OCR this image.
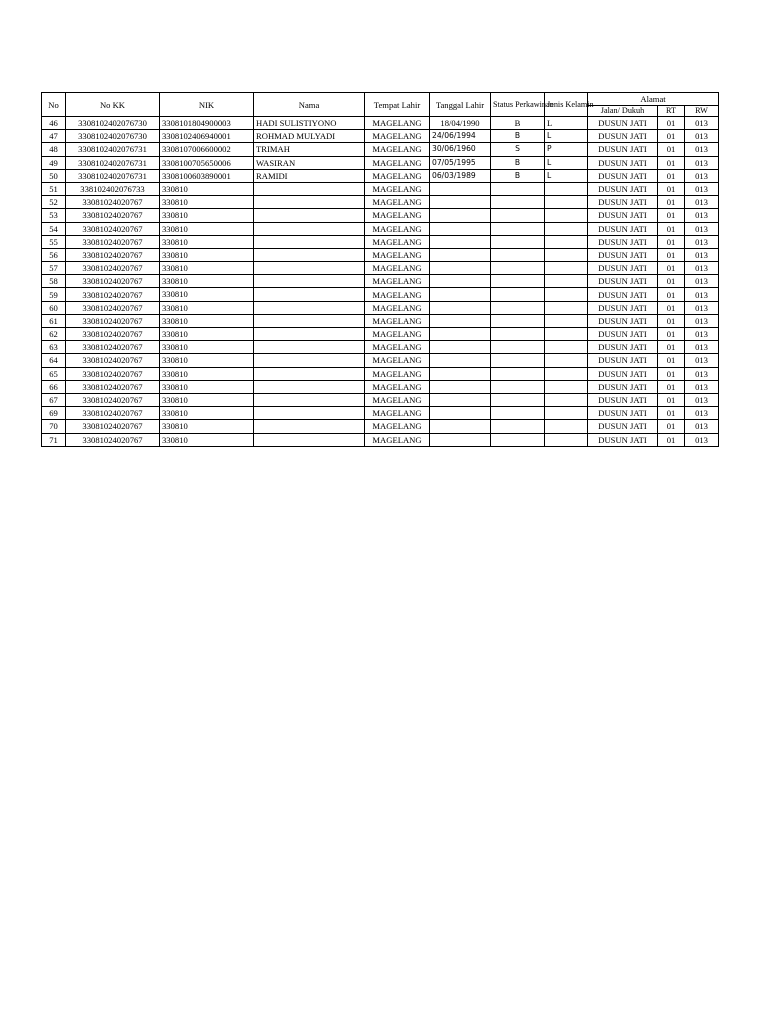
No	No KK	NIK	Nama	Tempat Lahir	Tanggal Lahir	Status Perkawinan	Jenis Kelamin	Alamat		
								Jalan/ Dukuh	RT	RW
46	3308102402076730	3308101804900003	HADI SULISTIYONO	MAGELANG	18/04/1990	B	L	DUSUN JATI	01	013
47	3308102402076730	3308102406940001	ROHMAD MULYADI	MAGELANG	24/06/1994	B	L	DUSUN JATI	01	013
48	3308102402076731	3308107006600002	TRIMAH	MAGELANG	30/06/1960	S	P	DUSUN JATI	01	013
49	3308102402076731	3308100705650006	WASIRAN	MAGELANG	07/05/1995	B	L	DUSUN JATI	01	013
50	3308102402076731	3308100603890001	RAMIDI	MAGELANG	06/03/1989	B	L	DUSUN JATI	01	013
51	338102402076733	330810		MAGELANG				DUSUN JATI	01	013
52	33081024020767	330810		MAGELANG				DUSUN JATI	01	013
53	33081024020767	330810		MAGELANG				DUSUN JATI	01	013
54	33081024020767	330810		MAGELANG				DUSUN JATI	01	013
55	33081024020767	330810		MAGELANG				DUSUN JATI	01	013
56	33081024020767	330810		MAGELANG				DUSUN JATI	01	013
57	33081024020767	330810		MAGELANG				DUSUN JATI	01	013
58	33081024020767	330810		MAGELANG				DUSUN JATI	01	013
59	33081024020767	330810		MAGELANG				DUSUN JATI	01	013
60	33081024020767	330810		MAGELANG				DUSUN JATI	01	013
61	33081024020767	330810		MAGELANG				DUSUN JATI	01	013
62	33081024020767	330810		MAGELANG				DUSUN JATI	01	013
63	33081024020767	330810		MAGELANG				DUSUN JATI	01	013
64	33081024020767	330810		MAGELANG				DUSUN JATI	01	013
65	33081024020767	330810		MAGELANG				DUSUN JATI	01	013
66	33081024020767	330810		MAGELANG				DUSUN JATI	01	013
67	33081024020767	330810		MAGELANG				DUSUN JATI	01	013
69	33081024020767	330810		MAGELANG				DUSUN JATI	01	013
70	33081024020767	330810		MAGELANG				DUSUN JATI	01	013
71	33081024020767	330810		MAGELANG				DUSUN JATI	01	013
